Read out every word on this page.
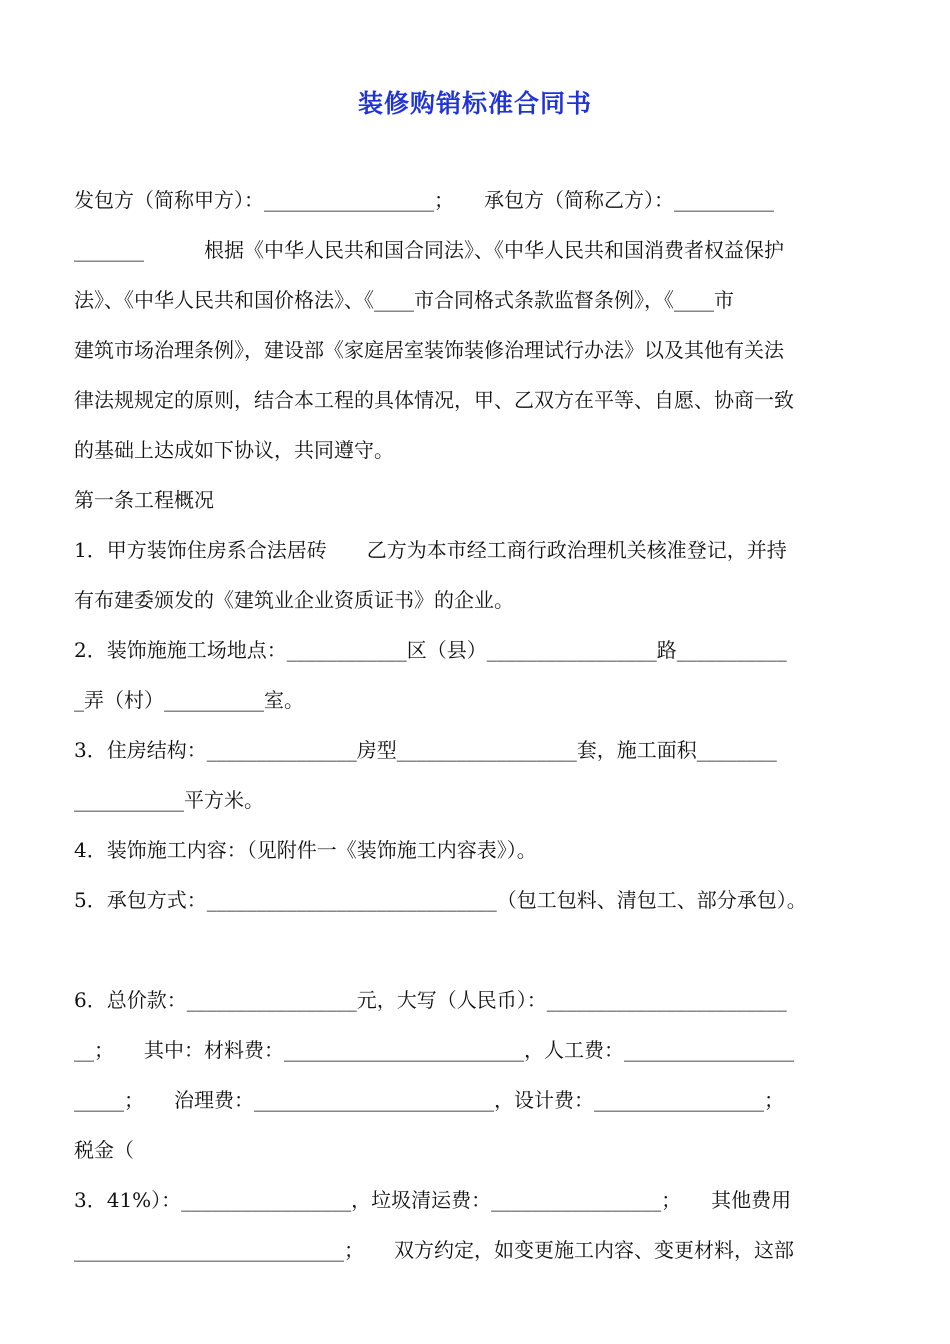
装修购销标准合同书
发包方（简称甲方）：_________________；　　承包方（简称乙方）：__________
_______　　　根据《中华人民共和国合同法》、《中华人民共和国消费者权益保护
法》、《中华人民共和国价格法》、《____市合同格式条款监督条例》，《____市
建筑市场治理条例》，建设部《家庭居室装饰装修治理试行办法》以及其他有关法
律法规规定的原则，结合本工程的具体情况，甲、乙双方在平等、自愿、协商一致
的基础上达成如下协议，共同遵守。
第一条工程概况
1．甲方装饰住房系合法居砖　　乙方为本市经工商行政治理机关核准登记，并持
有布建委颁发的《建筑业企业资质证书》的企业。
2．装饰施施工场地点：____________区（县）_________________路___________
_弄（村）__________室。
3．住房结构：_______________房型__________________套，施工面积________
___________平方米。
4．装饰施工内容：（见附件一《装饰施工内容表》）。
5．承包方式：_____________________________（包工包料、清包工、部分承包）。
6．总价款：_________________元，大写（人民币）：________________________
__；　　其中：材料费：________________________，人工费：_________________
_____；　　治理费：________________________，设计费：_________________；
税金（
3．41%）：_________________，垃圾清运费：_________________；　　其他费用
___________________________；　　双方约定，如变更施工内容、变更材料，这部
